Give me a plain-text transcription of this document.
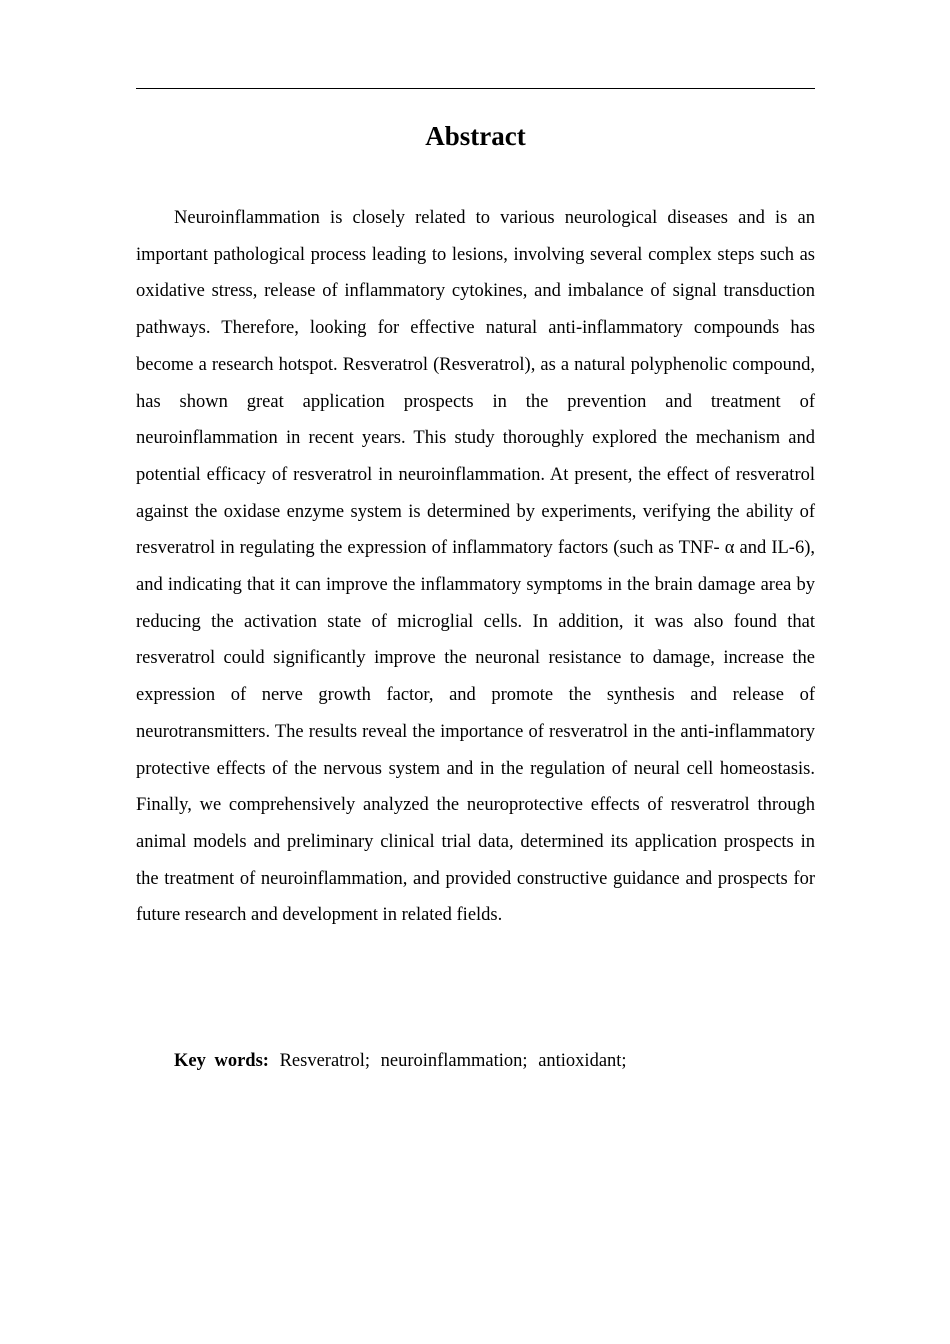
Abstract

Neuroinflammation is closely related to various neurological diseases and is an important pathological process leading to lesions, involving several complex steps such as oxidative stress, release of inflammatory cytokines, and imbalance of signal transduction pathways. Therefore, looking for effective natural anti-inflammatory compounds has become a research hotspot. Resveratrol (Resveratrol), as a natural polyphenolic compound, has shown great application prospects in the prevention and treatment of neuroinflammation in recent years. This study thoroughly explored the mechanism and potential efficacy of resveratrol in neuroinflammation. At present, the effect of resveratrol against the oxidase enzyme system is determined by experiments, verifying the ability of resveratrol in regulating the expression of inflammatory factors (such as TNF- α and IL-6), and indicating that it can improve the inflammatory symptoms in the brain damage area by reducing the activation state of microglial cells. In addition, it was also found that resveratrol could significantly improve the neuronal resistance to damage, increase the expression of nerve growth factor, and promote the synthesis and release of neurotransmitters. The results reveal the importance of resveratrol in the anti-inflammatory protective effects of the nervous system and in the regulation of neural cell homeostasis. Finally, we comprehensively analyzed the neuroprotective effects of resveratrol through animal models and preliminary clinical trial data, determined its application prospects in the treatment of neuroinflammation, and provided constructive guidance and prospects for future research and development in related fields.

Key words: Resveratrol; neuroinflammation; antioxidant;
